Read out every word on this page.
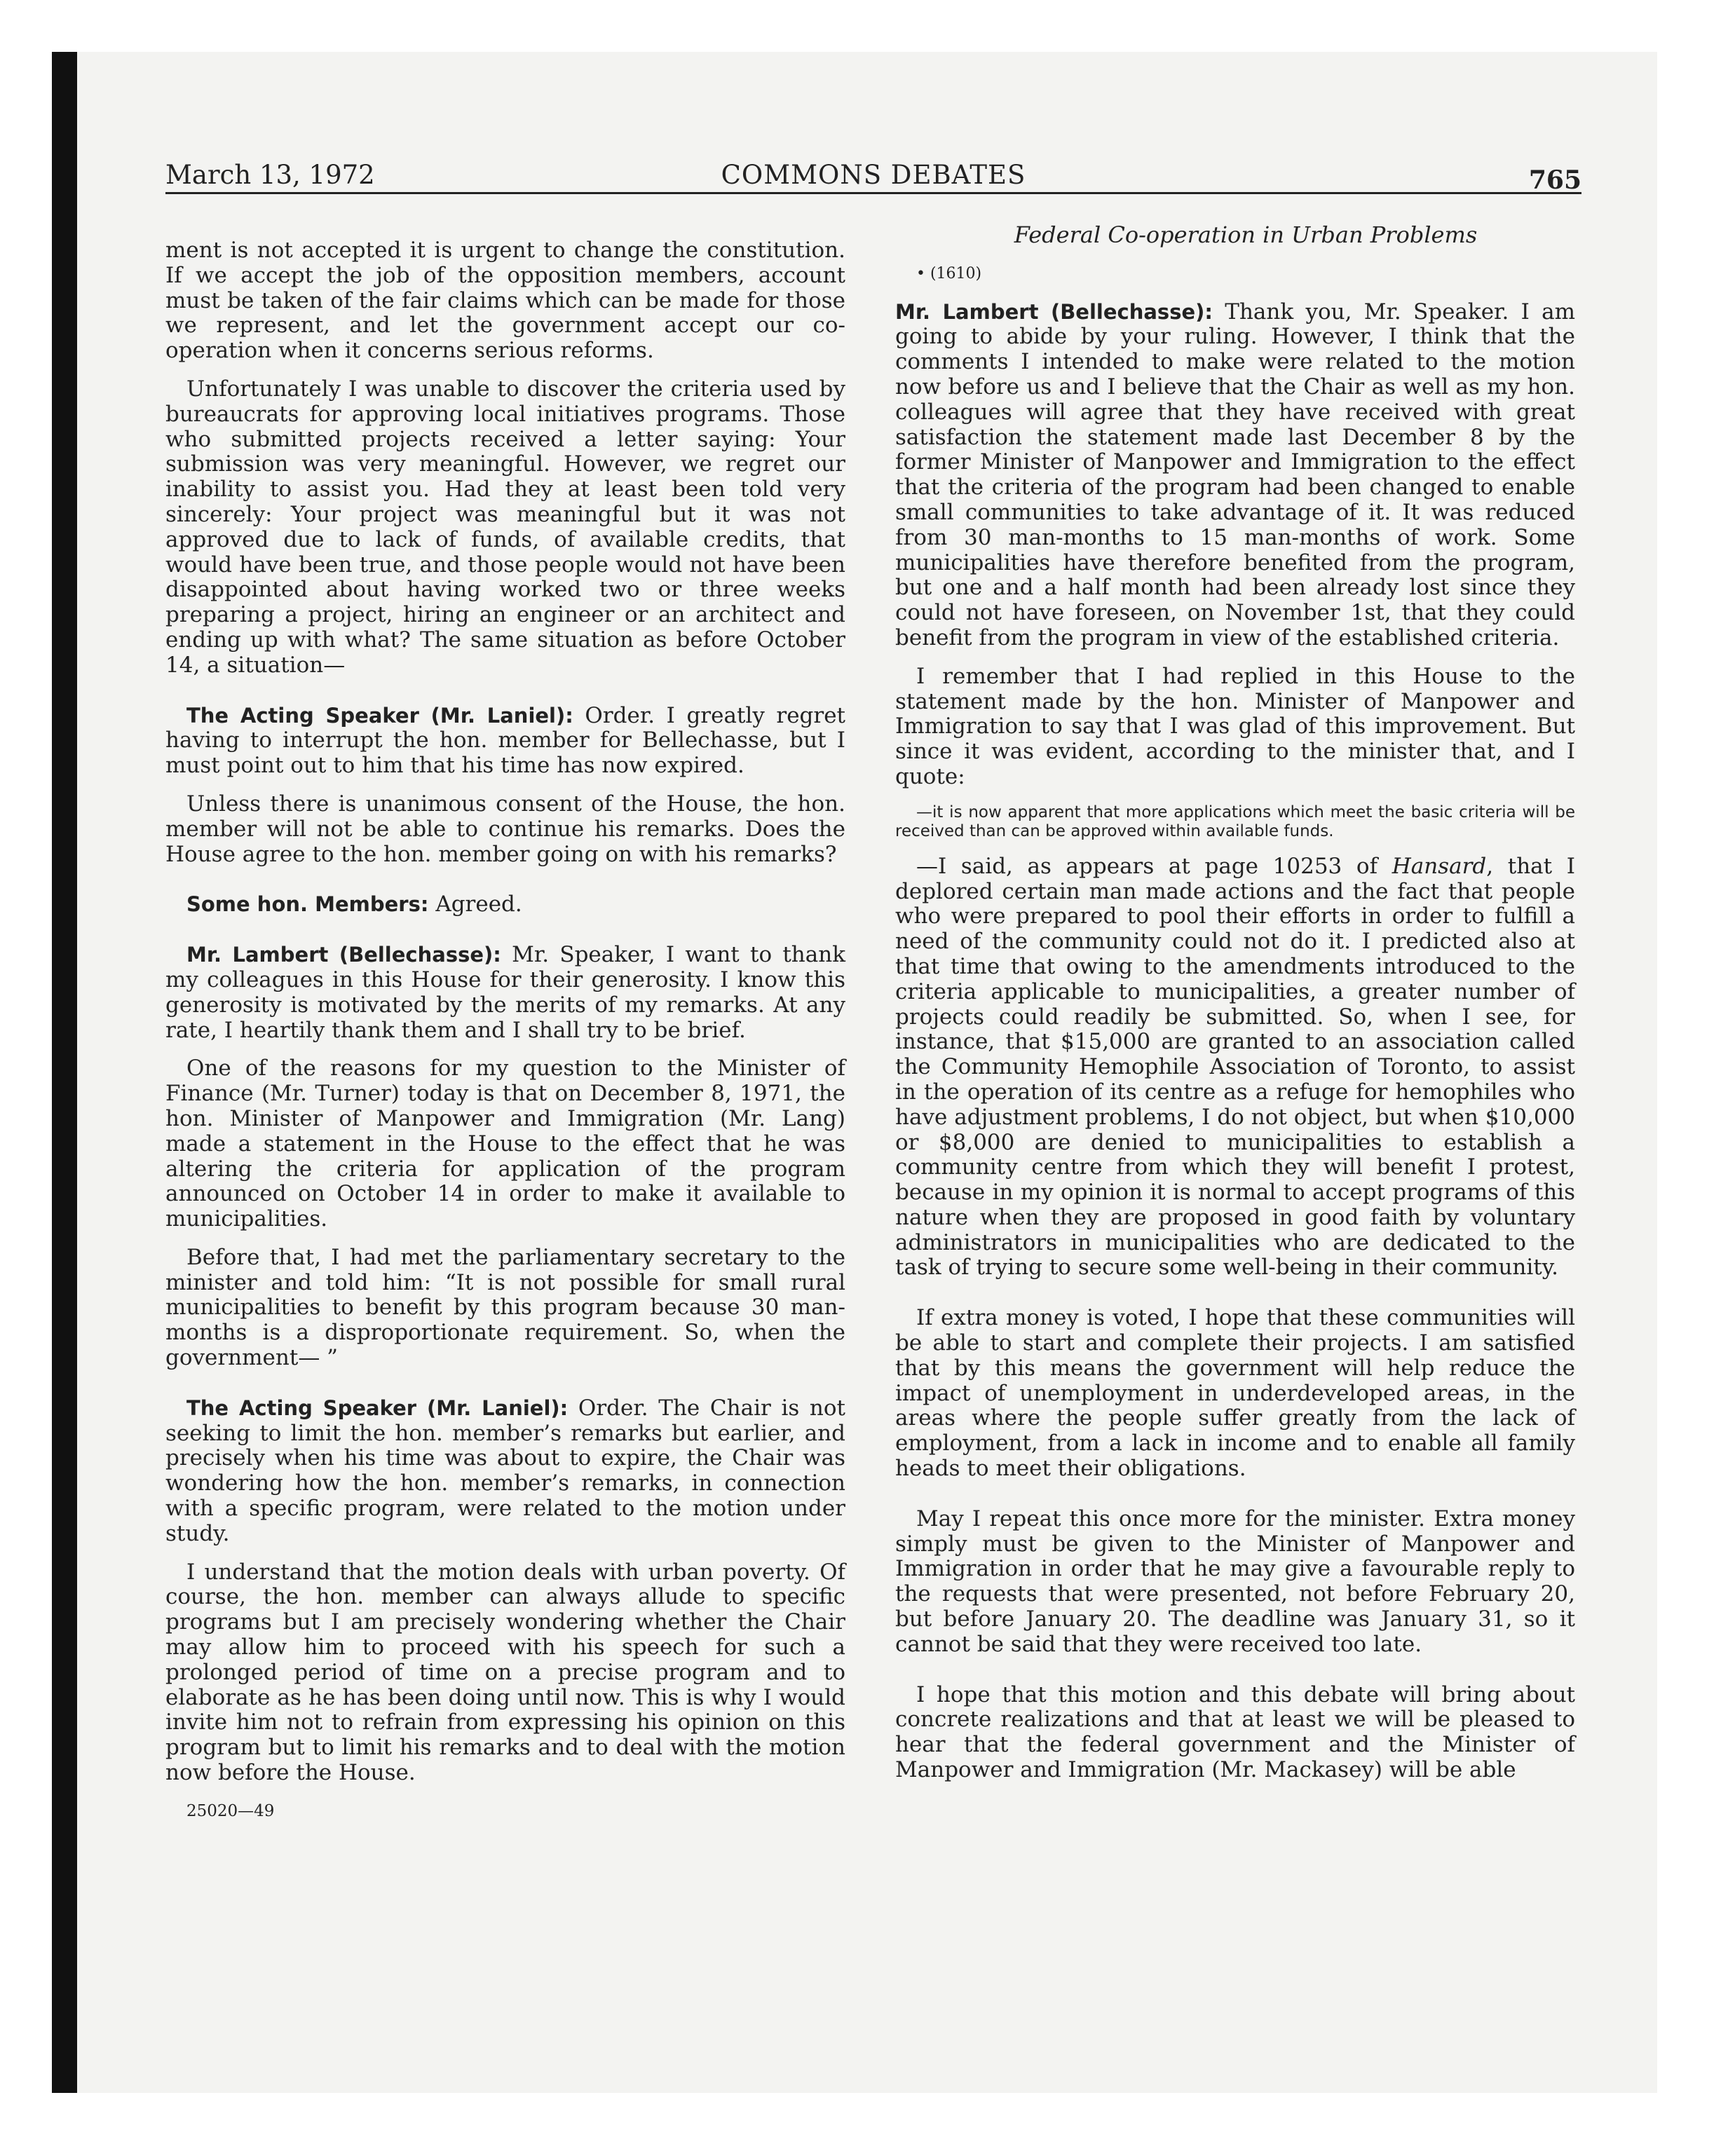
March 13, 1972	COMMONS DEBATES	765

ment is not accepted it is urgent to change the constitution. If we accept the job of the opposition members, account must be taken of the fair claims which can be made for those we represent, and let the government accept our co-operation when it concerns serious reforms.

Unfortunately I was unable to discover the criteria used by bureaucrats for approving local initiatives programs. Those who submitted projects received a letter saying: Your submission was very meaningful. However, we regret our inability to assist you. Had they at least been told very sincerely: Your project was meaningful but it was not approved due to lack of funds, of available credits, that would have been true, and those people would not have been disappointed about having worked two or three weeks preparing a project, hiring an engineer or an architect and ending up with what? The same situation as before October 14, a situation—

The Acting Speaker (Mr. Laniel): Order. I greatly regret having to interrupt the hon. member for Bellechasse, but I must point out to him that his time has now expired.

Unless there is unanimous consent of the House, the hon. member will not be able to continue his remarks. Does the House agree to the hon. member going on with his remarks?

Some hon. Members: Agreed.

Mr. Lambert (Bellechasse): Mr. Speaker, I want to thank my colleagues in this House for their generosity. I know this generosity is motivated by the merits of my remarks. At any rate, I heartily thank them and I shall try to be brief.

One of the reasons for my question to the Minister of Finance (Mr. Turner) today is that on December 8, 1971, the hon. Minister of Manpower and Immigration (Mr. Lang) made a statement in the House to the effect that he was altering the criteria for application of the program announced on October 14 in order to make it available to municipalities.

Before that, I had met the parliamentary secretary to the minister and told him: “It is not possible for small rural municipalities to benefit by this program because 30 man-months is a disproportionate requirement. So, when the government— ”

The Acting Speaker (Mr. Laniel): Order. The Chair is not seeking to limit the hon. member’s remarks but earlier, and precisely when his time was about to expire, the Chair was wondering how the hon. member’s remarks, in connection with a specific program, were related to the motion under study.

I understand that the motion deals with urban poverty. Of course, the hon. member can always allude to specific programs but I am precisely wondering whether the Chair may allow him to proceed with his speech for such a prolonged period of time on a precise program and to elaborate as he has been doing until now. This is why I would invite him not to refrain from expressing his opinion on this program but to limit his remarks and to deal with the motion now before the House.

25020—49

Federal Co-operation in Urban Problems

• (1610)

Mr. Lambert (Bellechasse): Thank you, Mr. Speaker. I am going to abide by your ruling. However, I think that the comments I intended to make were related to the motion now before us and I believe that the Chair as well as my hon. colleagues will agree that they have received with great satisfaction the statement made last December 8 by the former Minister of Manpower and Immigration to the effect that the criteria of the program had been changed to enable small communities to take advantage of it. It was reduced from 30 man-months to 15 man-months of work. Some municipalities have therefore benefited from the program, but one and a half month had been already lost since they could not have foreseen, on November 1st, that they could benefit from the program in view of the established criteria.

I remember that I had replied in this House to the statement made by the hon. Minister of Manpower and Immigration to say that I was glad of this improvement. But since it was evident, according to the minister that, and I quote:

—it is now apparent that more applications which meet the basic criteria will be received than can be approved within available funds.

—I said, as appears at page 10253 of Hansard, that I deplored certain man made actions and the fact that people who were prepared to pool their efforts in order to fulfill a need of the community could not do it. I predicted also at that time that owing to the amendments introduced to the criteria applicable to municipalities, a greater number of projects could readily be submitted. So, when I see, for instance, that $15,000 are granted to an association called the Community Hemophile Association of Toronto, to assist in the operation of its centre as a refuge for hemophiles who have adjustment problems, I do not object, but when $10,000 or $8,000 are denied to municipalities to establish a community centre from which they will benefit I protest, because in my opinion it is normal to accept programs of this nature when they are proposed in good faith by voluntary administrators in municipalities who are dedicated to the task of trying to secure some well-being in their community.

If extra money is voted, I hope that these communities will be able to start and complete their projects. I am satisfied that by this means the government will help reduce the impact of unemployment in underdeveloped areas, in the areas where the people suffer greatly from the lack of employment, from a lack in income and to enable all family heads to meet their obligations.

May I repeat this once more for the minister. Extra money simply must be given to the Minister of Manpower and Immigration in order that he may give a favourable reply to the requests that were presented, not before February 20, but before January 20. The deadline was January 31, so it cannot be said that they were received too late.

I hope that this motion and this debate will bring about concrete realizations and that at least we will be pleased to hear that the federal government and the Minister of Manpower and Immigration (Mr. Mackasey) will be able
